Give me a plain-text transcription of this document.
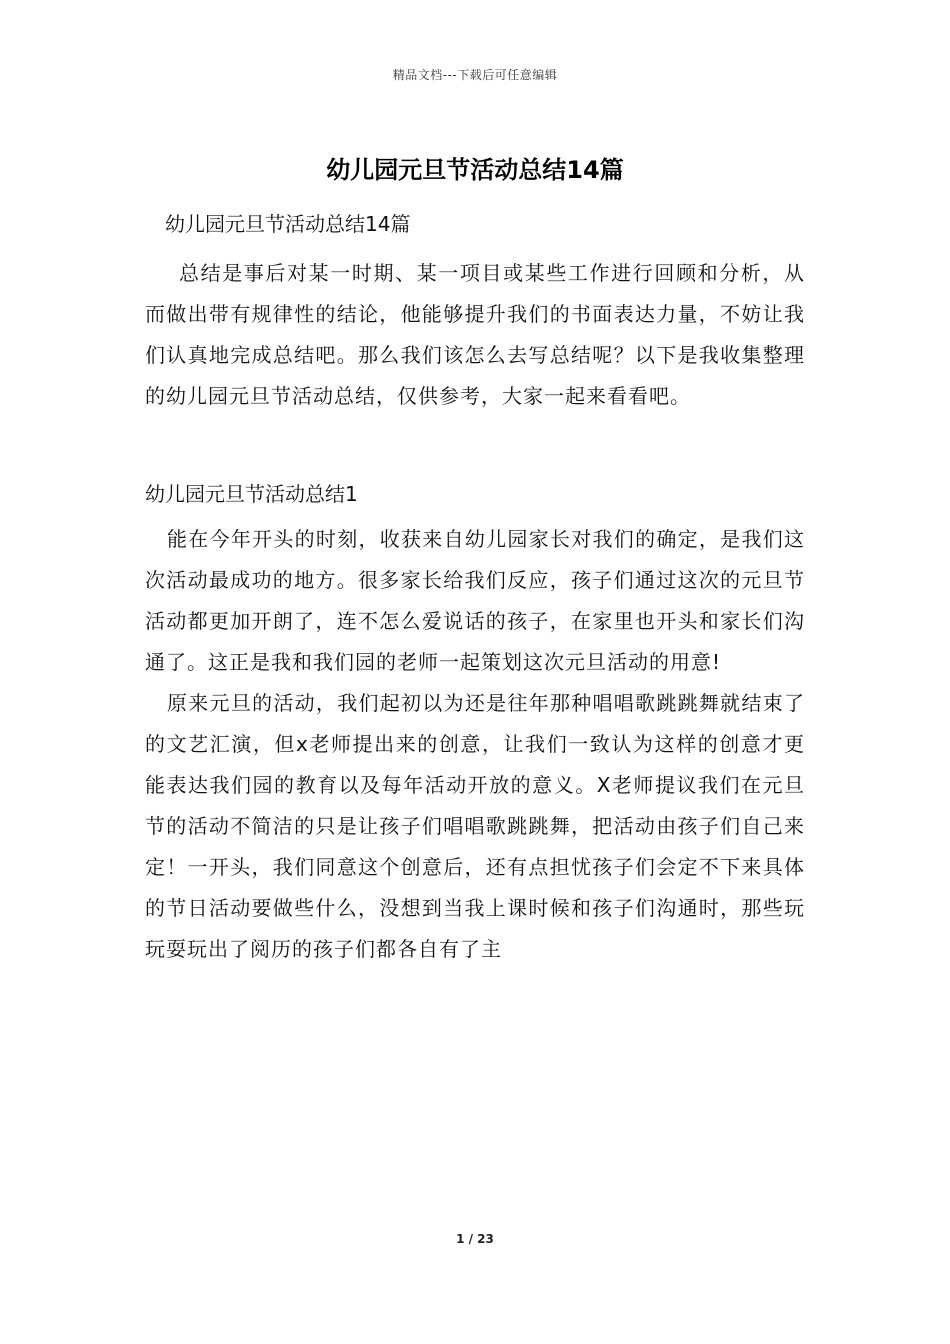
精品文档---下载后可任意编辑
幼儿园元旦节活动总结14篇

幼儿园元旦节活动总结14篇

总结是事后对某一时期、某一项目或某些工作进行回顾和分析，从而做出带有规律性的结论，他能够提升我们的书面表达力量，不妨让我们认真地完成总结吧。那么我们该怎么去写总结呢？以下是我收集整理的幼儿园元旦节活动总结，仅供参考，大家一起来看看吧。

幼儿园元旦节活动总结1

能在今年开头的时刻，收获来自幼儿园家长对我们的确定，是我们这次活动最成功的地方。很多家长给我们反应，孩子们通过这次的元旦节活动都更加开朗了，连不怎么爱说话的孩子，在家里也开头和家长们沟通了。这正是我和我们园的老师一起策划这次元旦活动的用意!

原来元旦的活动，我们起初以为还是往年那种唱唱歌跳跳舞就结束了的文艺汇演，但x老师提出来的创意，让我们一致认为这样的创意才更能表达我们园的教育以及每年活动开放的意义。X老师提议我们在元旦节的活动不简洁的只是让孩子们唱唱歌跳跳舞，把活动由孩子们自己来定！一开头，我们同意这个创意后，还有点担忧孩子们会定不下来具体的节日活动要做些什么，没想到当我上课时候和孩子们沟通时，那些玩玩耍玩出了阅历的孩子们都各自有了主

1 / 23
